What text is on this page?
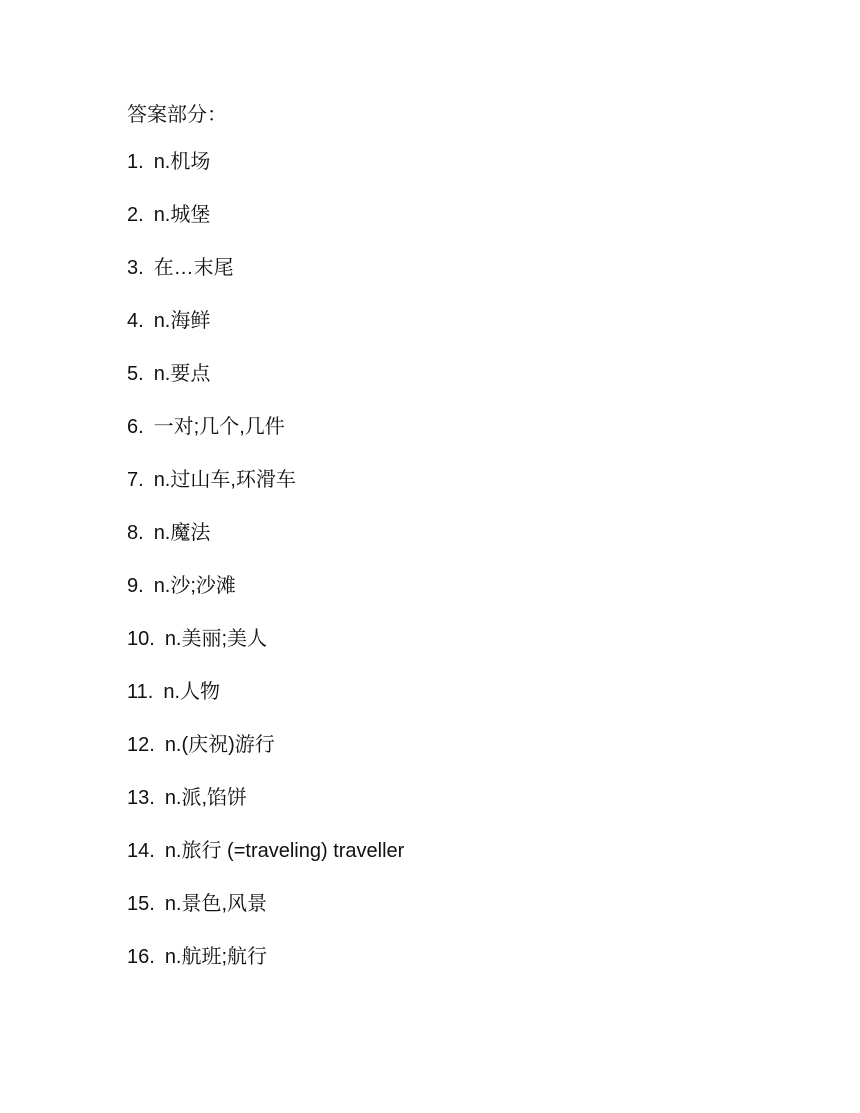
答案部分：
1. n.机场
2. n.城堡
3. 在…末尾
4. n.海鲜
5. n.要点
6. 一对;几个,几件
7. n.过山车,环滑车
8. n.魔法
9. n.沙;沙滩
10. n.美丽;美人
11. n.人物
12. n.(庆祝)游行
13. n.派,馅饼
14. n.旅行 (=traveling) traveller
15. n.景色,风景
16. n.航班;航行
